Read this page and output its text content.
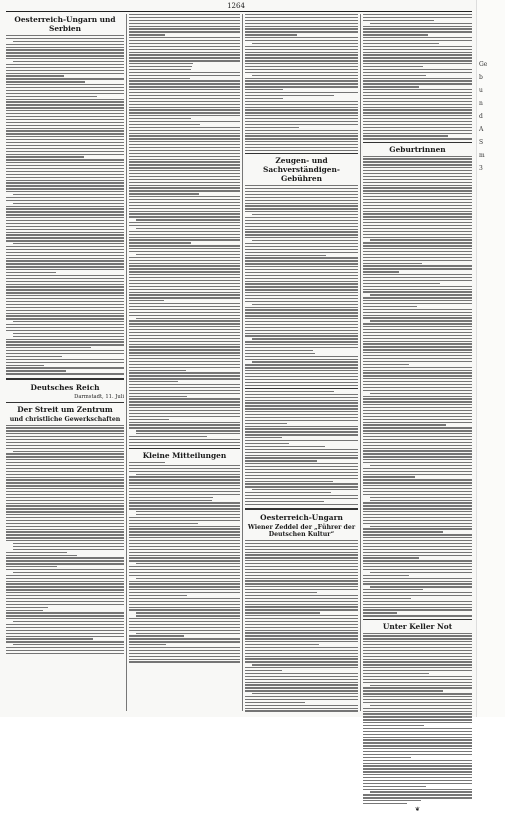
1264
Oesterreich-Ungarn und Serbien
Deutsches Reich
Darmstadt, 11. Juli
Der Streit um Zentrum
und christliche Gewerkschaften
Kleine Mitteilungen
Zeugen- und Sachverständigen-Gebühren
Oesterreich-Ungarn
Wiener Zeddel der „Führer der Deutschen Kultur“
Geburtrinnen
Unter Keller Not
❦
Ge
b
u
n
d
A
S
m
3
